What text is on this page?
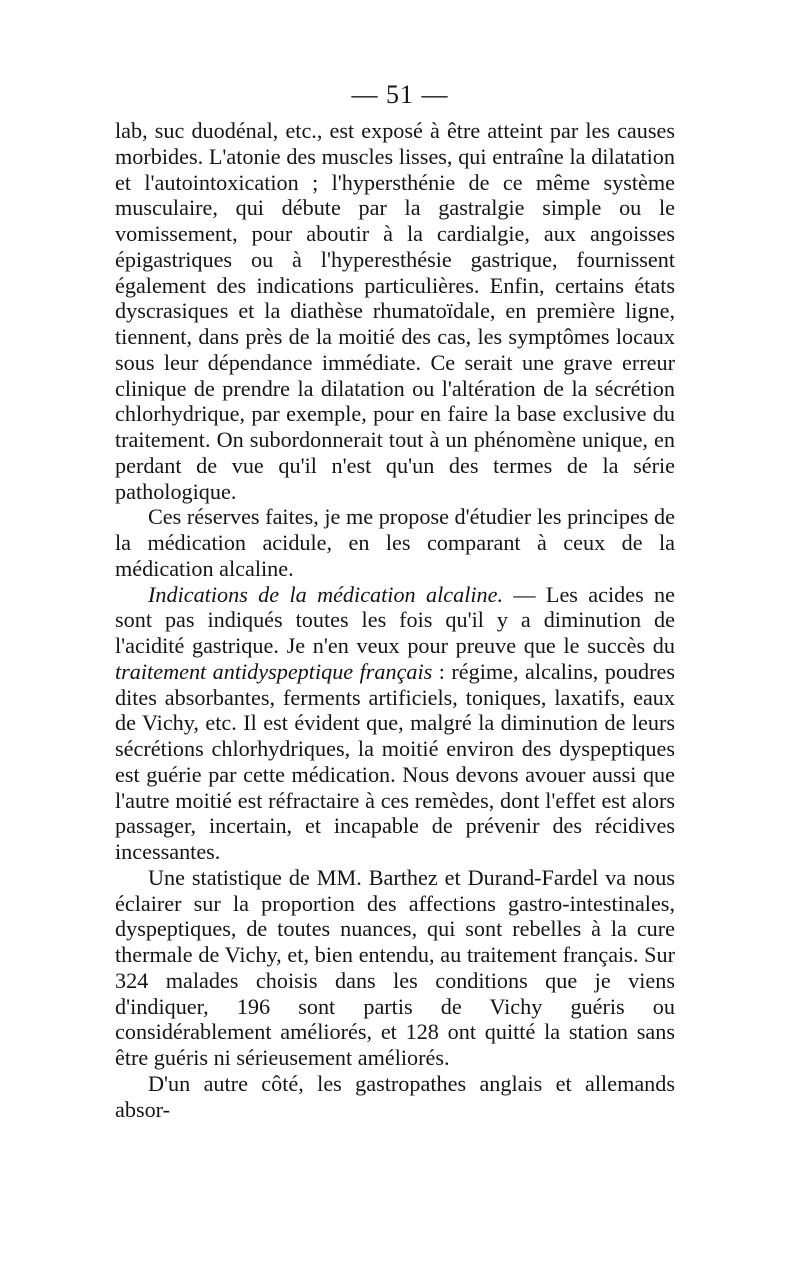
— 51 —

lab, suc duodénal, etc., est exposé à être atteint par les causes morbides. L'atonie des muscles lisses, qui entraîne la dilatation et l'autointoxication ; l'hypersthénie de ce même système musculaire, qui débute par la gastralgie simple ou le vomissement, pour aboutir à la cardialgie, aux angoisses épigastriques ou à l'hyperesthésie gastrique, fournissent également des indications particulières. Enfin, certains états dyscrasiques et la diathèse rhumatoïdale, en première ligne, tiennent, dans près de la moitié des cas, les symptômes locaux sous leur dépendance immédiate. Ce serait une grave erreur clinique de prendre la dilatation ou l'altération de la sécrétion chlorhydrique, par exemple, pour en faire la base exclusive du traitement. On subordonnerait tout à un phénomène unique, en perdant de vue qu'il n'est qu'un des termes de la série pathologique.

Ces réserves faites, je me propose d'étudier les principes de la médication acidule, en les comparant à ceux de la médication alcaline.

Indications de la médication alcaline. — Les acides ne sont pas indiqués toutes les fois qu'il y a diminution de l'acidité gastrique. Je n'en veux pour preuve que le succès du traitement antidyspeptique français : régime, alcalins, poudres dites absorbantes, ferments artificiels, toniques, laxatifs, eaux de Vichy, etc. Il est évident que, malgré la diminution de leurs sécrétions chlorhydriques, la moitié environ des dyspeptiques est guérie par cette médication. Nous devons avouer aussi que l'autre moitié est réfractaire à ces remèdes, dont l'effet est alors passager, incertain, et incapable de prévenir des récidives incessantes.

Une statistique de MM. Barthez et Durand-Fardel va nous éclairer sur la proportion des affections gastro-intestinales, dyspeptiques, de toutes nuances, qui sont rebelles à la cure thermale de Vichy, et, bien entendu, au traitement français. Sur 324 malades choisis dans les conditions que je viens d'indiquer, 196 sont partis de Vichy guéris ou considérablement améliorés, et 128 ont quitté la station sans être guéris ni sérieusement améliorés.

D'un autre côté, les gastropathes anglais et allemands absor-
